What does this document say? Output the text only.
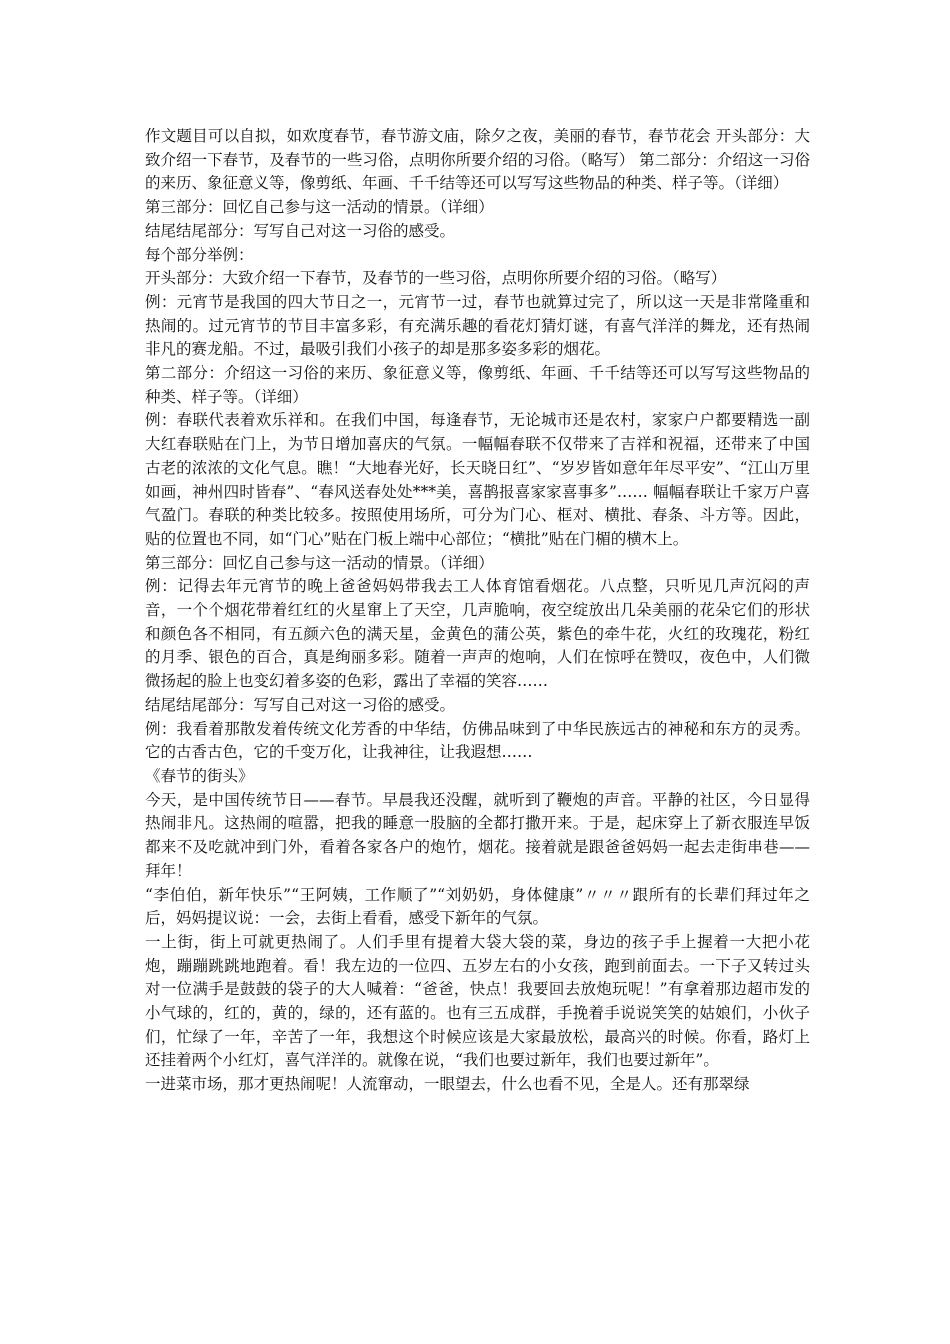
作文题目可以自拟，如欢度春节，春节游文庙，除夕之夜，美丽的春节，春节花会 开头部分：大致介绍一下春节，及春节的一些习俗，点明你所要介绍的习俗。（略写） 第二部分：介绍这一习俗的来历、象征意义等，像剪纸、年画、千千结等还可以写写这些物品的种类、样子等。（详细）

第三部分：回忆自己参与这一活动的情景。（详细）

结尾结尾部分：写写自己对这一习俗的感受。

每个部分举例：

开头部分：大致介绍一下春节，及春节的一些习俗，点明你所要介绍的习俗。（略写）

例：元宵节是我国的四大节日之一，元宵节一过，春节也就算过完了，所以这一天是非常隆重和热闹的。过元宵节的节目丰富多彩，有充满乐趣的看花灯猜灯谜，有喜气洋洋的舞龙，还有热闹非凡的赛龙船。不过，最吸引我们小孩子的却是那多姿多彩的烟花。

第二部分：介绍这一习俗的来历、象征意义等，像剪纸、年画、千千结等还可以写写这些物品的种类、样子等。（详细）

例：春联代表着欢乐祥和。在我们中国，每逢春节，无论城市还是农村，家家户户都要精选一副大红春联贴在门上，为节日增加喜庆的气氛。一幅幅春联不仅带来了吉祥和祝福，还带来了中国古老的浓浓的文化气息。瞧！“大地春光好，长天晓日红”、“岁岁皆如意年年尽平安”、“江山万里如画，神州四时皆春”、“春风送春处处***美，喜鹊报喜家家喜事多”…… 幅幅春联让千家万户喜气盈门。春联的种类比较多。按照使用场所，可分为门心、框对、横批、春条、斗方等。因此，贴的位置也不同，如“门心”贴在门板上端中心部位；“横批”贴在门楣的横木上。

第三部分：回忆自己参与这一活动的情景。（详细）

例：记得去年元宵节的晚上爸爸妈妈带我去工人体育馆看烟花。八点整，只听见几声沉闷的声音，一个个烟花带着红红的火星窜上了天空，几声脆响，夜空绽放出几朵美丽的花朵它们的形状和颜色各不相同，有五颜六色的满天星，金黄色的蒲公英，紫色的牵牛花，火红的玫瑰花，粉红的月季、银色的百合，真是绚丽多彩。随着一声声的炮响，人们在惊呼在赞叹，夜色中，人们微微扬起的脸上也变幻着多姿的色彩，露出了幸福的笑容……

结尾结尾部分：写写自己对这一习俗的感受。

例：我看着那散发着传统文化芳香的中华结，仿佛品味到了中华民族远古的神秘和东方的灵秀。它的古香古色，它的千变万化，让我神往，让我遐想……

《春节的街头》

今天，是中国传统节日——春节。早晨我还没醒，就听到了鞭炮的声音。平静的社区，今日显得热闹非凡。这热闹的喧嚣，把我的睡意一股脑的全都打撒开来。于是，起床穿上了新衣服连早饭都来不及吃就冲到门外，看着各家各户的炮竹，烟花。接着就是跟爸爸妈妈一起去走街串巷——拜年！

“李伯伯，新年快乐”“王阿姨，工作顺了”“刘奶奶，身体健康”〃〃〃跟所有的长辈们拜过年之后，妈妈提议说：一会，去街上看看，感受下新年的气氛。

一上街，街上可就更热闹了。人们手里有提着大袋大袋的菜，身边的孩子手上握着一大把小花炮，蹦蹦跳跳地跑着。看！我左边的一位四、五岁左右的小女孩，跑到前面去。一下子又转过头对一位满手是鼓鼓的袋子的大人喊着：“爸爸，快点！我要回去放炮玩呢！”有拿着那边超市发的小气球的，红的，黄的，绿的，还有蓝的。也有三五成群，手挽着手说说笑笑的姑娘们，小伙子们，忙绿了一年，辛苦了一年，我想这个时候应该是大家最放松，最高兴的时候。你看，路灯上还挂着两个小红灯，喜气洋洋的。就像在说，“我们也要过新年，我们也要过新年”。

一进菜市场，那才更热闹呢！人流窜动，一眼望去，什么也看不见，全是人。还有那翠绿
